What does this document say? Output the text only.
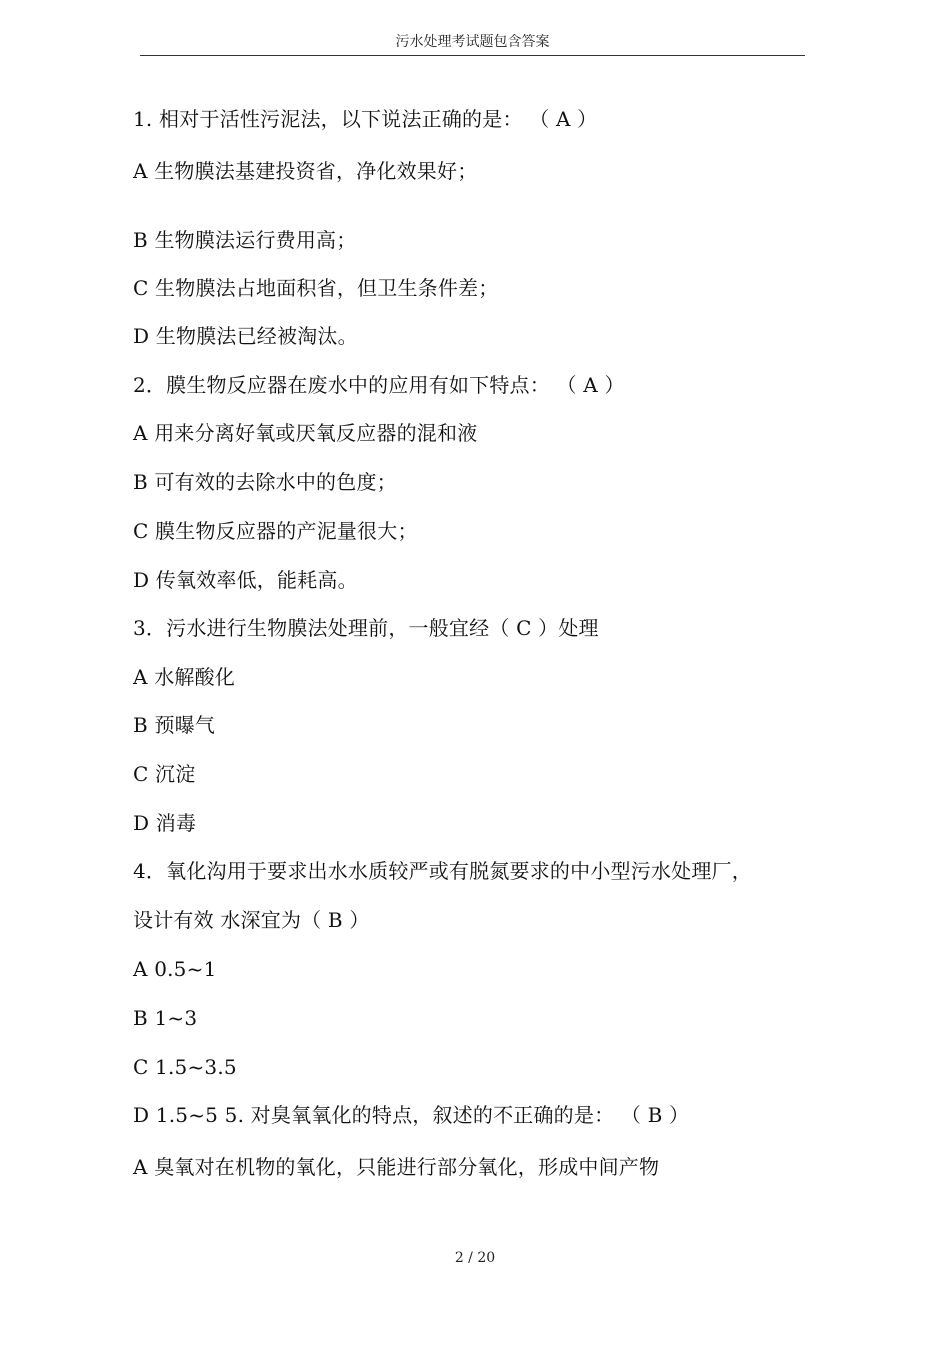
污水处理考试题包含答案
1. 相对于活性污泥法，以下说法正确的是： （ A ）
A 生物膜法基建投资省，净化效果好；
B 生物膜法运行费用高；
C 生物膜法占地面积省，但卫生条件差；
D 生物膜法已经被淘汰。
2．膜生物反应器在废水中的应用有如下特点： （ A ）
A 用来分离好氧或厌氧反应器的混和液
B 可有效的去除水中的色度；
C 膜生物反应器的产泥量很大；
D 传氧效率低，能耗高。
3．污水进行生物膜法处理前，一般宜经（ C ）处理
A 水解酸化
B 预曝气
C 沉淀
D 消毒
4．氧化沟用于要求出水水质较严或有脱氮要求的中小型污水处理厂，
设计有效 水深宜为（ B ）
A 0.5~1
B 1~3
C 1.5~3.5
D 1.5~5 5. 对臭氧氧化的特点，叙述的不正确的是： （ B ）
A 臭氧对在机物的氧化，只能进行部分氧化，形成中间产物
2 / 20
